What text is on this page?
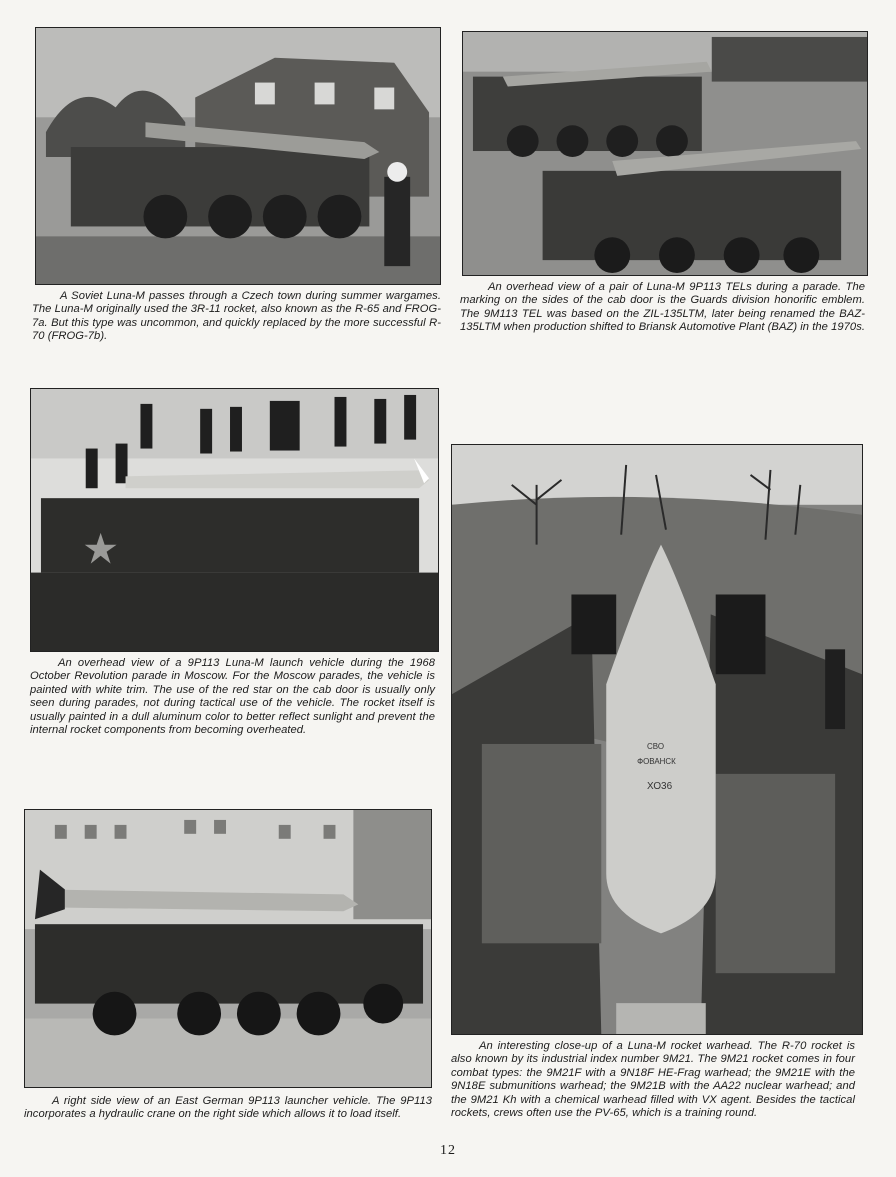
A Soviet Luna-M passes through a Czech town during summer wargames. The Luna-M originally used the 3R-11 rocket, also known as the R-65 and FROG-7a. But this type was uncommon, and quickly replaced by the more successful R-70 (FROG-7b).

An overhead view of a pair of Luna-M 9P113 TELs during a parade. The marking on the sides of the cab door is the Guards division honorific emblem. The 9M113 TEL was based on the ZIL-135LTM, later being renamed the BAZ-135LTM when production shifted to Briansk Automotive Plant (BAZ) in the 1970s.

An overhead view of a 9P113 Luna-M launch vehicle during the 1968 October Revolution parade in Moscow. For the Moscow parades, the vehicle is painted with white trim. The use of the red star on the cab door is usually only seen during parades, not during tactical use of the vehicle. The rocket itself is usually painted in a dull aluminum color to better reflect sunlight and prevent the internal rocket components from becoming overheated.

СВО
ФОВАНСК
ХО36

An interesting close-up of a Luna-M rocket warhead. The R-70 rocket is also known by its industrial index number 9M21. The 9M21 rocket comes in four combat types: the 9M21F with a 9N18F HE-Frag warhead; the 9M21E with the 9N18E submunitions warhead; the 9M21B with the AA22 nuclear warhead; and the 9M21 Kh with a chemical warhead filled with VX agent. Besides the tactical rockets, crews often use the PV-65, which is a training round.

A right side view of an East German 9P113 launcher vehicle. The 9P113 incorporates a hydraulic crane on the right side which allows it to load itself.

12
